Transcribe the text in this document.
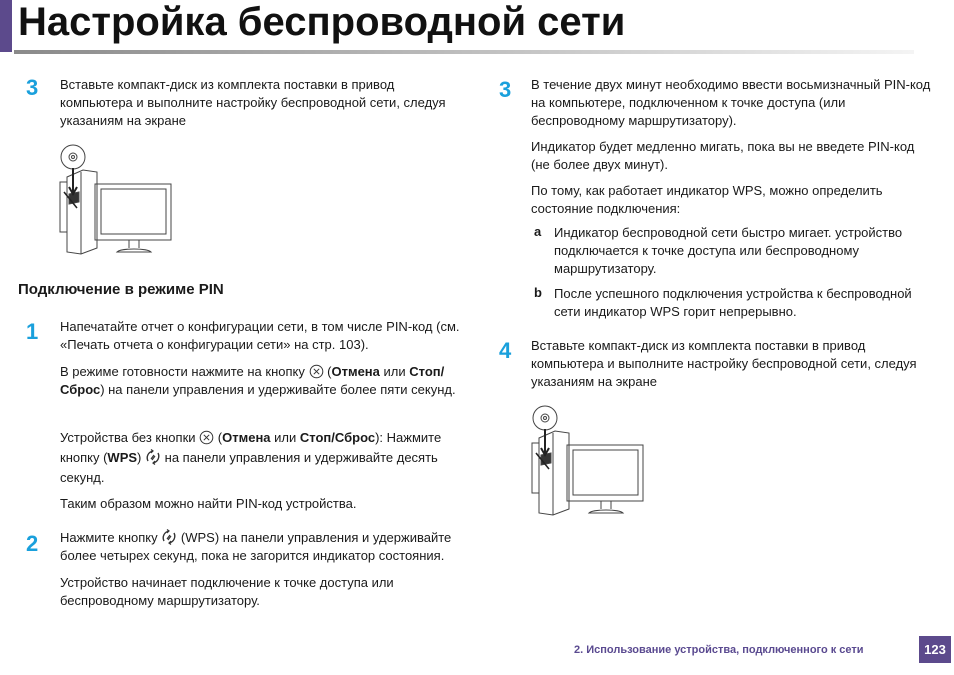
Настройка беспроводной сети
3 Вставьте компакт-диск из комплекта поставки в привод компьютера и выполните настройку беспроводной сети, следуя указаниям на экране

Подключение в режиме PIN
1 Напечатайте отчет о конфигурации сети, в том числе PIN-код (см. «Печать отчета о конфигурации сети» на стр. 103).

В режиме готовности нажмите на кнопку (Отмена или Стоп/Сброс) на панели управления и удерживайте более пяти секунд.

Устройства без кнопки (Отмена или Стоп/Сброс): Нажмите кнопку (WPS) на панели управления и удерживайте десять секунд.

Таким образом можно найти PIN-код устройства.

2 Нажмите кнопку (WPS) на панели управления и удерживайте более четырех секунд, пока не загорится индикатор состояния.

Устройство начинает подключение к точке доступа или беспроводному маршрутизатору.

3 В течение двух минут необходимо ввести восьмизначный PIN-код на компьютере, подключенном к точке доступа (или беспроводному маршрутизатору).

Индикатор будет медленно мигать, пока вы не введете PIN-код (не более двух минут).

По тому, как работает индикатор WPS, можно определить состояние подключения:

a Индикатор беспроводной сети быстро мигает. устройство подключается к точке доступа или беспроводному маршрутизатору.

b После успешного подключения устройства к беспроводной сети индикатор WPS горит непрерывно.

4 Вставьте компакт-диск из комплекта поставки в привод компьютера и выполните настройку беспроводной сети, следуя указаниям на экране

2. Использование устройства, подключенного к сети	123
